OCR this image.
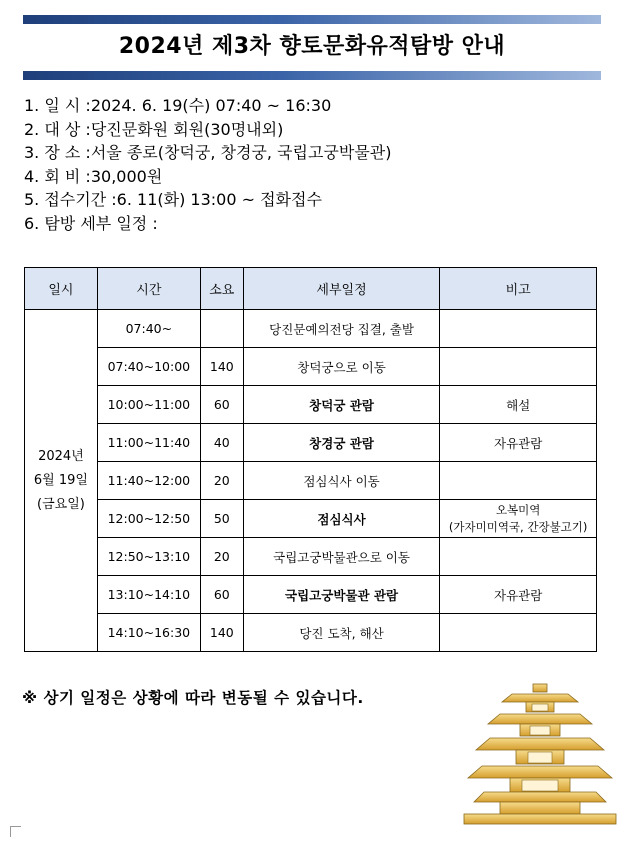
2024년 제3차 향토문화유적탐방 안내
1. 일 시 :2024. 6. 19(수) 07:40 ~ 16:30
2. 대 상 :당진문화원 회원(30명내외)
3. 장 소 :서울 종로(창덕궁, 창경궁, 국립고궁박물관)
4. 회 비 :30,000원
5. 접수기간 :6. 11(화) 13:00 ~ 접화접수
6. 탐방 세부 일정 :
일시	시간	소요	세부일정	비고

2024년
6월 19일
(금요일)	07:40~		당진문예의전당 집결, 출발	
	07:40~10:00	140	창덕궁으로 이동	
	10:00~11:00	60	창덕궁 관람	해설
	11:00~11:40	40	창경궁 관람	자유관람
	11:40~12:00	20	점심식사 이동	
	12:00~12:50	50	점심식사	오복미역
(가자미미역국, 간장불고기)
	12:50~13:10	20	국립고궁박물관으로 이동	
	13:10~14:10	60	국립고궁박물관 관람	자유관람
	14:10~16:30	140	당진 도착, 해산	
※ 상기 일정은 상황에 따라 변동될 수 있습니다.
